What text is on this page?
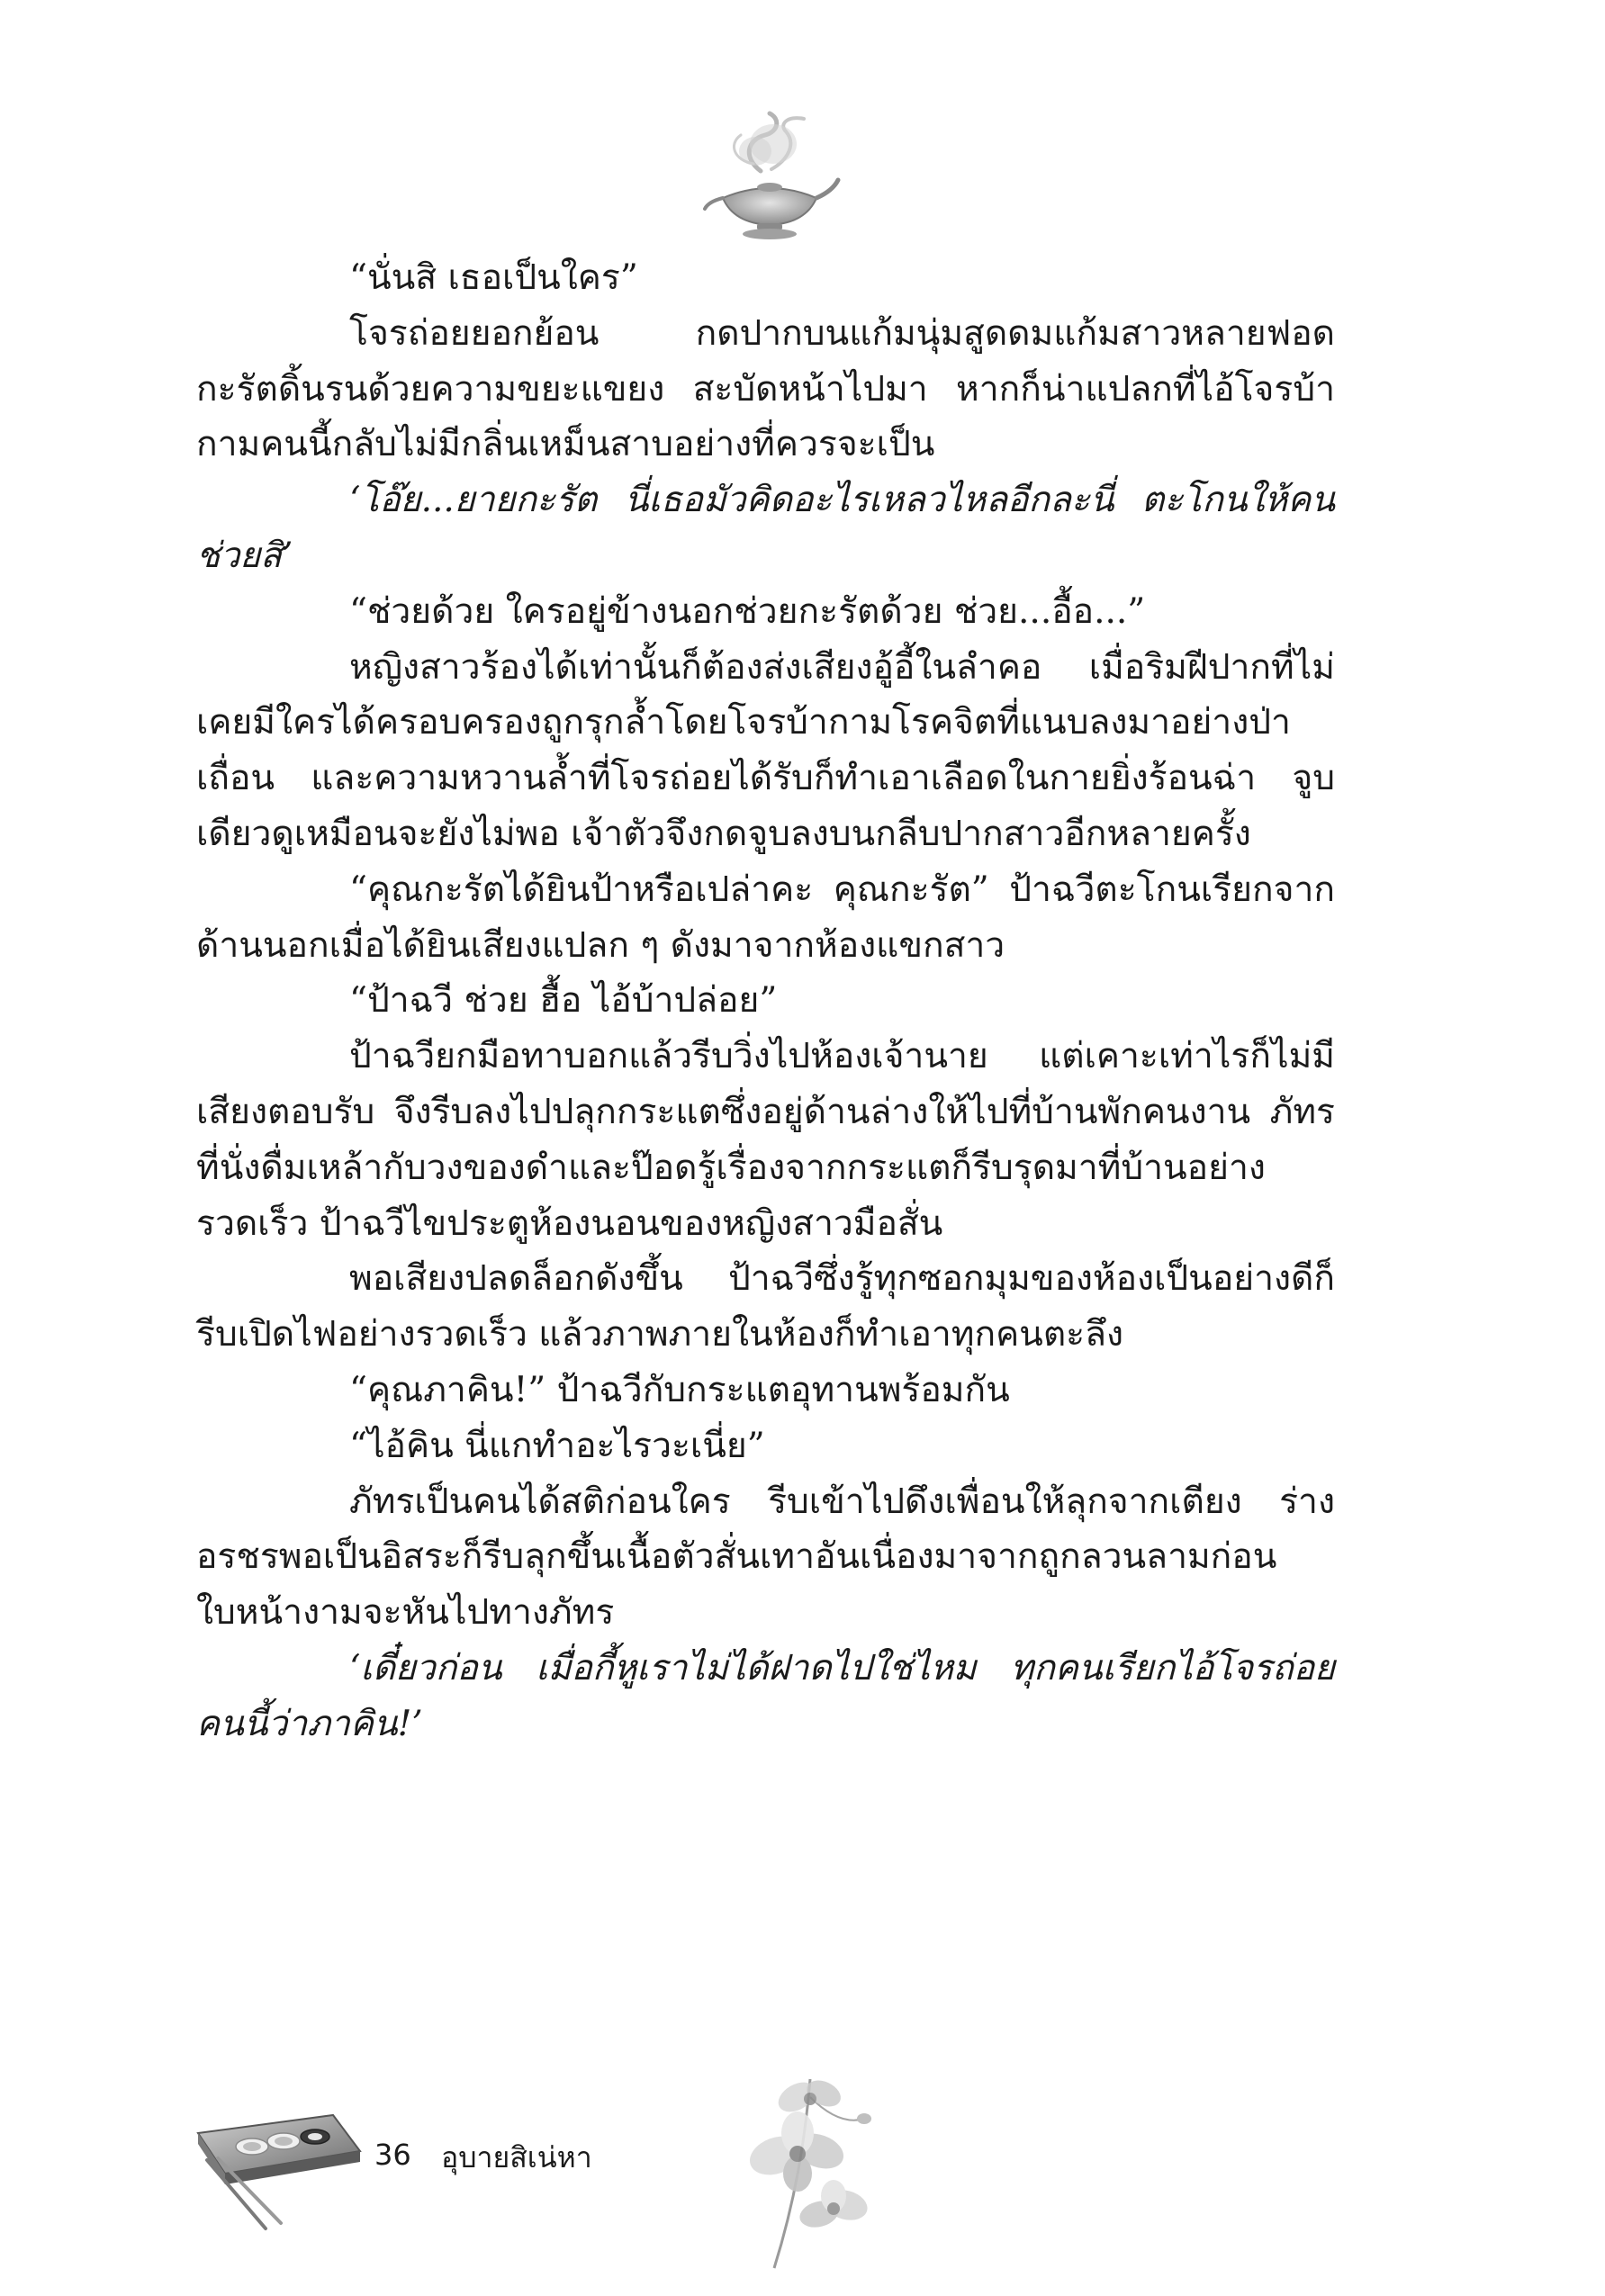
“นั่นสิ เธอเป็นใคร”

โจรถ่อยยอกย้อน กดปากบนแก้มนุ่มสูดดมแก้มสาวหลายฟอด กะรัตดิ้นรนด้วยความขยะแขยง สะบัดหน้าไปมา หากก็น่าแปลกที่ไอ้โจรบ้ากามคนนี้กลับไม่มีกลิ่นเหม็นสาบอย่างที่ควรจะเป็น

‘โอ๊ย...ยายกะรัต นี่เธอมัวคิดอะไรเหลวไหลอีกละนี่ ตะโกนให้คนช่วยสิ’

“ช่วยด้วย ใครอยู่ข้างนอกช่วยกะรัตด้วย ช่วย...อื้อ...”

หญิงสาวร้องได้เท่านั้นก็ต้องส่งเสียงอู้อี้ในลำคอ เมื่อริมฝีปากที่ไม่เคยมีใครได้ครอบครองถูกรุกล้ำโดยโจรบ้ากามโรคจิตที่แนบลงมาอย่างป่าเถื่อน และความหวานล้ำที่โจรถ่อยได้รับก็ทำเอาเลือดในกายยิ่งร้อนฉ่า จูบเดียวดูเหมือนจะยังไม่พอ เจ้าตัวจึงกดจูบลงบนกลีบปากสาวอีกหลายครั้ง

“คุณกะรัตได้ยินป้าหรือเปล่าคะ คุณกะรัต” ป้าฉวีตะโกนเรียกจากด้านนอกเมื่อได้ยินเสียงแปลก ๆ ดังมาจากห้องแขกสาว

“ป้าฉวี ช่วย ฮื้อ ไอ้บ้าปล่อย”

ป้าฉวียกมือทาบอกแล้วรีบวิ่งไปห้องเจ้านาย แต่เคาะเท่าไรก็ไม่มีเสียงตอบรับ จึงรีบลงไปปลุกกระแตซึ่งอยู่ด้านล่างให้ไปที่บ้านพักคนงาน ภัทรที่นั่งดื่มเหล้ากับวงของดำและป๊อดรู้เรื่องจากกระแตก็รีบรุดมาที่บ้านอย่างรวดเร็ว ป้าฉวีไขประตูห้องนอนของหญิงสาวมือสั่น

พอเสียงปลดล็อกดังขึ้น ป้าฉวีซึ่งรู้ทุกซอกมุมของห้องเป็นอย่างดีก็รีบเปิดไฟอย่างรวดเร็ว แล้วภาพภายในห้องก็ทำเอาทุกคนตะลึง

“คุณภาคิน!” ป้าฉวีกับกระแตอุทานพร้อมกัน

“ไอ้คิน นี่แกทำอะไรวะเนี่ย”

ภัทรเป็นคนได้สติก่อนใคร รีบเข้าไปดึงเพื่อนให้ลุกจากเตียง ร่างอรชรพอเป็นอิสระก็รีบลุกขึ้นเนื้อตัวสั่นเทาอันเนื่องมาจากถูกลวนลามก่อนใบหน้างามจะหันไปทางภัทร

‘เดี๋ยวก่อน เมื่อกี้หูเราไม่ได้ฝาดไปใช่ไหม ทุกคนเรียกไอ้โจรถ่อยคนนี้ว่าภาคิน!’

36 อุบายสิเน่หา
